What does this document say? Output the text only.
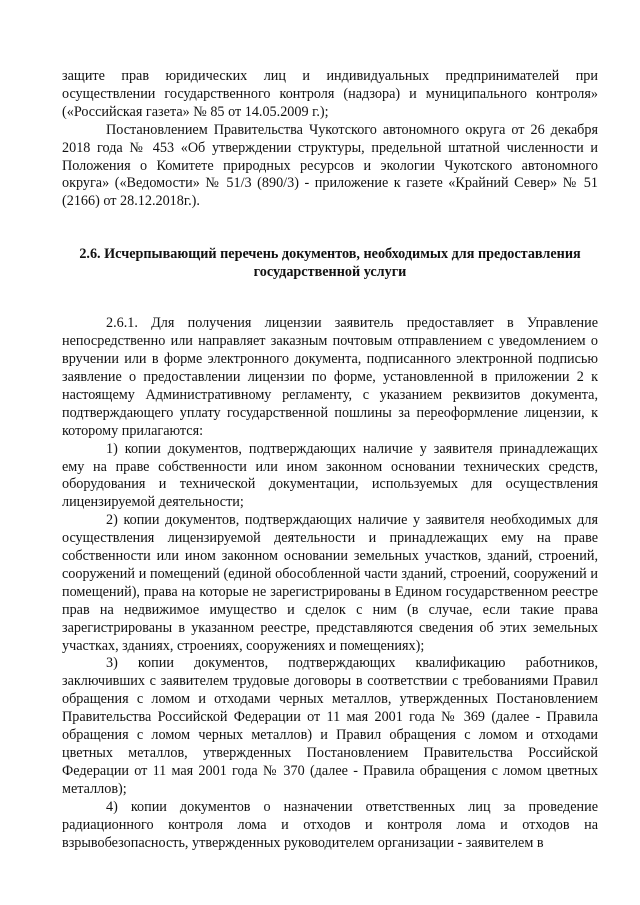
защите прав юридических лиц и индивидуальных предпринимателей при осуществлении государственного контроля (надзора) и муниципального контроля» («Российская газета» № 85 от 14.05.2009 г.);

Постановлением Правительства Чукотского автономного округа от 26 декабря 2018 года № 453 «Об утверждении структуры, предельной штатной численности и Положения о Комитете природных ресурсов и экологии Чукотского автономного округа» («Ведомости» № 51/3 (890/3) - приложение к газете «Крайний Север» № 51 (2166) от 28.12.2018г.).

2.6. Исчерпывающий перечень документов, необходимых для предоставления государственной услуги

2.6.1. Для получения лицензии заявитель предоставляет в Управление непосредственно или направляет заказным почтовым отправлением с уведомлением о вручении или в форме электронного документа, подписанного электронной подписью заявление о предоставлении лицензии по форме, установленной в приложении 2 к настоящему Административному регламенту, с указанием реквизитов документа, подтверждающего уплату государственной пошлины за переоформление лицензии, к которому прилагаются:

1) копии документов, подтверждающих наличие у заявителя принадлежащих ему на праве собственности или ином законном основании технических средств, оборудования и технической документации, используемых для осуществления лицензируемой деятельности;

2) копии документов, подтверждающих наличие у заявителя необходимых для осуществления лицензируемой деятельности и принадлежащих ему на праве собственности или ином законном основании земельных участков, зданий, строений, сооружений и помещений (единой обособленной части зданий, строений, сооружений и помещений), права на которые не зарегистрированы в Едином государственном реестре прав на недвижимое имущество и сделок с ним (в случае, если такие права зарегистрированы в указанном реестре, представляются сведения об этих земельных участках, зданиях, строениях, сооружениях и помещениях);

3) копии документов, подтверждающих квалификацию работников, заключивших с заявителем трудовые договоры в соответствии с требованиями Правил обращения с ломом и отходами черных металлов, утвержденных Постановлением Правительства Российской Федерации от 11 мая 2001 года № 369 (далее - Правила обращения с ломом черных металлов) и Правил обращения с ломом и отходами цветных металлов, утвержденных Постановлением Правительства Российской Федерации от 11 мая 2001 года № 370 (далее - Правила обращения с ломом цветных металлов);

4) копии документов о назначении ответственных лиц за проведение радиационного контроля лома и отходов и контроля лома и отходов на взрывобезопасность, утвержденных руководителем организации - заявителем в
